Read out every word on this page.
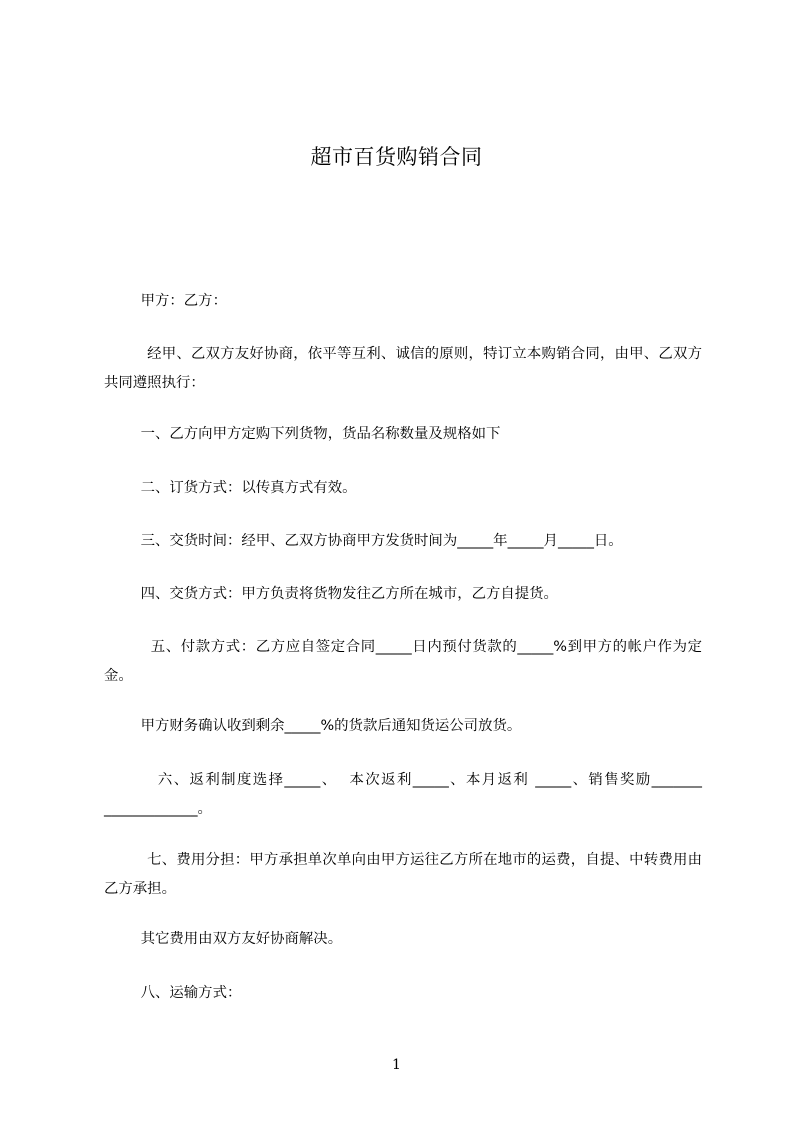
超市百货购销合同
甲方：乙方：
经甲、乙双方友好协商，依平等互利、诚信的原则，特订立本购销合同，由甲、乙双方共同遵照执行：
一、乙方向甲方定购下列货物，货品名称数量及规格如下
二、订货方式：以传真方式有效。
三、交货时间：经甲、乙双方协商甲方发货时间为_____年_____月_____日。
四、交货方式：甲方负责将货物发往乙方所在城市，乙方自提货。
五、付款方式：乙方应自签定合同_____日内预付货款的_____%到甲方的帐户作为定金。
甲方财务确认收到剩余_____%的货款后通知货运公司放货。
六、返利制度选择_____、  本次返利_____、本月返利 _____、销售奖励_______ _____________。
七、费用分担：甲方承担单次单向由甲方运往乙方所在地市的运费，自提、中转费用由乙方承担。
其它费用由双方友好协商解决。
八、运输方式：
1
